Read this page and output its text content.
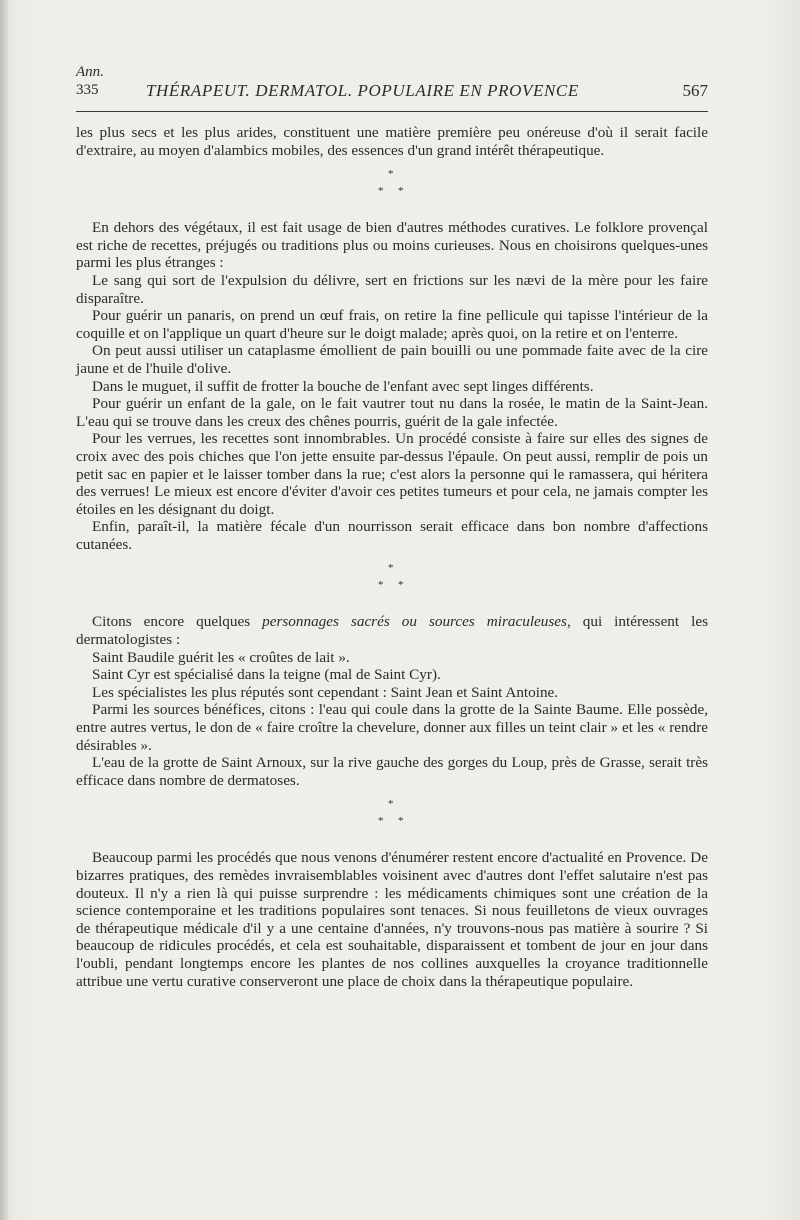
Ann.
335	THÉRAPEUT. DERMATOL. POPULAIRE EN PROVENCE	567

les plus secs et les plus arides, constituent une matière première peu onéreuse d'où il serait facile d'extraire, au moyen d'alambics mobiles, des essences d'un grand intérêt thérapeutique.

*
* *

En dehors des végétaux, il est fait usage de bien d'autres méthodes curatives. Le folklore provençal est riche de recettes, préjugés ou traditions plus ou moins curieuses. Nous en choisirons quelques-unes parmi les plus étranges :

Le sang qui sort de l'expulsion du délivre, sert en frictions sur les nævi de la mère pour les faire disparaître.

Pour guérir un panaris, on prend un œuf frais, on retire la fine pellicule qui tapisse l'intérieur de la coquille et on l'applique un quart d'heure sur le doigt malade; après quoi, on la retire et on l'enterre.

On peut aussi utiliser un cataplasme émollient de pain bouilli ou une pommade faite avec de la cire jaune et de l'huile d'olive.

Dans le muguet, il suffit de frotter la bouche de l'enfant avec sept linges différents.

Pour guérir un enfant de la gale, on le fait vautrer tout nu dans la rosée, le matin de la Saint-Jean. L'eau qui se trouve dans les creux des chênes pourris, guérit de la gale infectée.

Pour les verrues, les recettes sont innombrables. Un procédé consiste à faire sur elles des signes de croix avec des pois chiches que l'on jette ensuite par-dessus l'épaule. On peut aussi, remplir de pois un petit sac en papier et le laisser tomber dans la rue; c'est alors la personne qui le ramassera, qui héritera des verrues! Le mieux est encore d'éviter d'avoir ces petites tumeurs et pour cela, ne jamais compter les étoiles en les désignant du doigt.

Enfin, paraît-il, la matière fécale d'un nourrisson serait efficace dans bon nombre d'affections cutanées.

*
* *

Citons encore quelques personnages sacrés ou sources miraculeuses, qui intéressent les dermatologistes :

Saint Baudile guérit les « croûtes de lait ».

Saint Cyr est spécialisé dans la teigne (mal de Saint Cyr).

Les spécialistes les plus réputés sont cependant : Saint Jean et Saint Antoine.

Parmi les sources bénéfices, citons : l'eau qui coule dans la grotte de la Sainte Baume. Elle possède, entre autres vertus, le don de « faire croître la chevelure, donner aux filles un teint clair » et les « rendre désirables ».

L'eau de la grotte de Saint Arnoux, sur la rive gauche des gorges du Loup, près de Grasse, serait très efficace dans nombre de dermatoses.

*
* *

Beaucoup parmi les procédés que nous venons d'énumérer restent encore d'actualité en Provence. De bizarres pratiques, des remèdes invraisemblables voisinent avec d'autres dont l'effet salutaire n'est pas douteux. Il n'y a rien là qui puisse surprendre : les médicaments chimiques sont une création de la science contemporaine et les traditions populaires sont tenaces. Si nous feuilletons de vieux ouvrages de thérapeutique médicale d'il y a une centaine d'années, n'y trouvons-nous pas matière à sourire ? Si beaucoup de ridicules procédés, et cela est souhaitable, disparaissent et tombent de jour en jour dans l'oubli, pendant longtemps encore les plantes de nos collines auxquelles la croyance traditionnelle attribue une vertu curative conserveront une place de choix dans la thérapeutique populaire.
